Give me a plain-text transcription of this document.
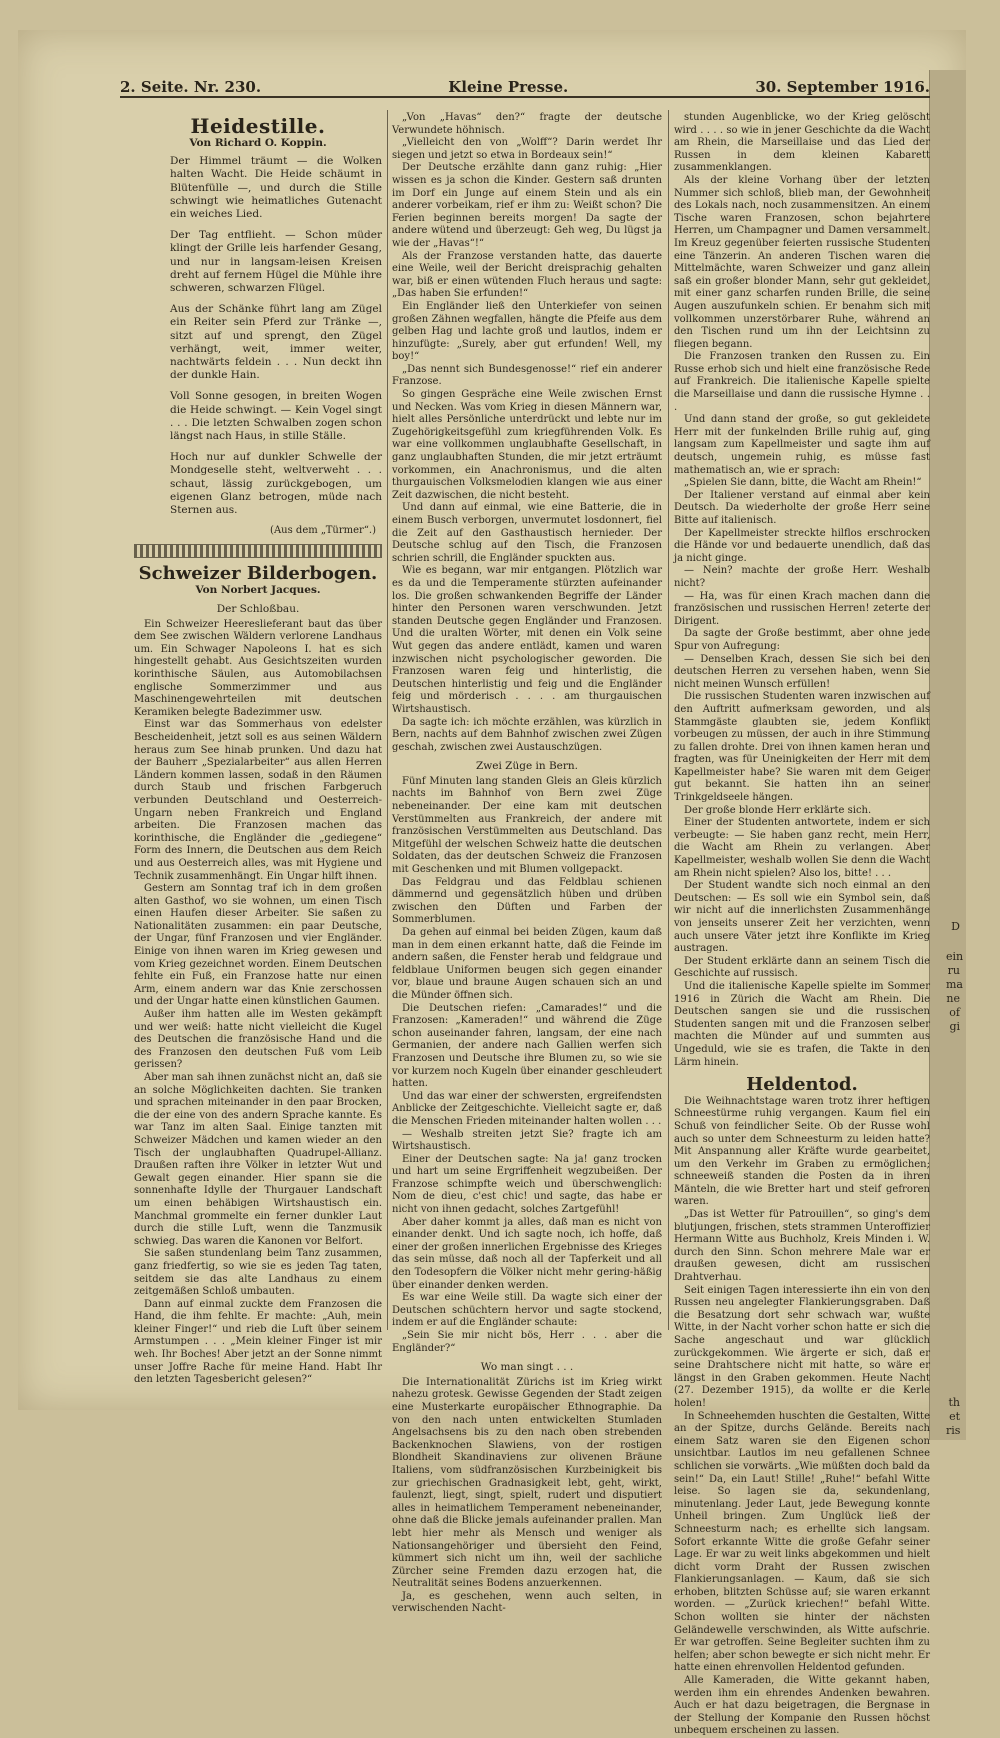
D
ein
ru
ma
ne
of
gi
th
et
ris
2. Seite. Nr. 230.	Kleine Presse.	30. September 1916.
Heidestille.
Von Richard O. Koppin.
Der Himmel träumt — die Wolken halten Wacht. Die Heide schäumt in Blütenfülle —, und durch die Stille schwingt wie heimatliches Gutenacht ein weiches Lied.
Der Tag entflieht. — Schon müder klingt der Grille leis harfender Gesang, und nur in langsam-leisen Kreisen dreht auf fernem Hügel die Mühle ihre schweren, schwarzen Flügel.
Aus der Schänke führt lang am Zügel ein Reiter sein Pferd zur Tränke —, sitzt auf und sprengt, den Zügel verhängt, weit, immer weiter, nachtwärts feldein . . . Nun deckt ihn der dunkle Hain.
Voll Sonne gesogen, in breiten Wogen die Heide schwingt. — Kein Vogel singt . . . Die letzten Schwalben zogen schon längst nach Haus, in stille Ställe.
Hoch nur auf dunkler Schwelle der Mondgeselle steht, weltverweht . . . schaut, lässig zurückgebogen, um eigenen Glanz betrogen, müde nach Sternen aus.
(Aus dem „Türmer“.)
Schweizer Bilderbogen.
Von Norbert Jacques.
Der Schloßbau.

Ein Schweizer Heereslieferant baut das über dem See zwischen Wäldern verlorene Landhaus um. Ein Schwager Napoleons I. hat es sich hingestellt gehabt. Aus Gesichtszeiten wurden korinthische Säulen, aus Automobilachsen englische Sommerzimmer und aus Maschinengewehrteilen mit deutschen Keramiken belegte Badezimmer usw.

Einst war das Sommerhaus von edelster Bescheidenheit, jetzt soll es aus seinen Wäldern heraus zum See hinab prunken. Und dazu hat der Bauherr „Spezialarbeiter“ aus allen Herren Ländern kommen lassen, sodaß in den Räumen durch Staub und frischen Farbgeruch verbunden Deutschland und Oesterreich-Ungarn neben Frankreich und England arbeiten. Die Franzosen machen das korinthische, die Engländer die „gediegene“ Form des Innern, die Deutschen aus dem Reich und aus Oesterreich alles, was mit Hygiene und Technik zusammenhängt. Ein Ungar hilft ihnen.

Gestern am Sonntag traf ich in dem großen alten Gasthof, wo sie wohnen, um einen Tisch einen Haufen dieser Arbeiter. Sie saßen zu Nationalitäten zusammen: ein paar Deutsche, der Ungar, fünf Franzosen und vier Engländer. Einige von ihnen waren im Krieg gewesen und vom Krieg gezeichnet worden. Einem Deutschen fehlte ein Fuß, ein Franzose hatte nur einen Arm, einem andern war das Knie zerschossen und der Ungar hatte einen künstlichen Gaumen.

Außer ihm hatten alle im Westen gekämpft und wer weiß: hatte nicht vielleicht die Kugel des Deutschen die französische Hand und die des Franzosen den deutschen Fuß vom Leib gerissen?

Aber man sah ihnen zunächst nicht an, daß sie an solche Möglichkeiten dachten. Sie tranken und sprachen miteinander in den paar Brocken, die der eine von des andern Sprache kannte. Es war Tanz im alten Saal. Einige tanzten mit Schweizer Mädchen und kamen wieder an den Tisch der unglaubhaften Quadrupel-Allianz. Draußen raften ihre Völker in letzter Wut und Gewalt gegen einander. Hier spann sie die sonnenhafte Idylle der Thurgauer Landschaft um einen behäbigen Wirtshaustisch ein. Manchmal grommelte ein ferner dunkler Laut durch die stille Luft, wenn die Tanzmusik schwieg. Das waren die Kanonen vor Belfort.

Sie saßen stundenlang beim Tanz zusammen, ganz friedfertig, so wie sie es jeden Tag taten, seitdem sie das alte Landhaus zu einem zeitgemäßen Schloß umbauten.

Dann auf einmal zuckte dem Franzosen die Hand, die ihm fehlte. Er machte: „Auh, mein kleiner Finger!“ und rieb die Luft über seinem Armstumpen . . . „Mein kleiner Finger ist mir weh. Ihr Boches! Aber jetzt an der Sonne nimmt unser Joffre Rache für meine Hand. Habt Ihr den letzten Tagesbericht gelesen?“

„Von „Havas“ den?“ fragte der deutsche Verwundete höhnisch.

„Vielleicht den von „Wolff“? Darin werdet Ihr siegen und jetzt so etwa in Bordeaux sein!“

Der Deutsche erzählte dann ganz ruhig: „Hier wissen es ja schon die Kinder. Gestern saß drunten im Dorf ein Junge auf einem Stein und als ein anderer vorbeikam, rief er ihm zu: Weißt schon? Die Ferien beginnen bereits morgen! Da sagte der andere wütend und überzeugt: Geh weg, Du lügst ja wie der „Havas“!“

Als der Franzose verstanden hatte, das dauerte eine Weile, weil der Bericht dreisprachig gehalten war, biß er einen wütenden Fluch heraus und sagte: „Das haben Sie erfunden!“

Ein Engländer ließ den Unterkiefer von seinen großen Zähnen wegfallen, hängte die Pfeife aus dem gelben Hag und lachte groß und lautlos, indem er hinzufügte: „Surely, aber gut erfunden! Well, my boy!“

„Das nennt sich Bundesgenosse!“ rief ein anderer Franzose.

So gingen Gespräche eine Weile zwischen Ernst und Necken. Was vom Krieg in diesen Männern war, hielt alles Persönliche unterdrückt und lebte nur im Zugehörigkeitsgefühl zum kriegführenden Volk. Es war eine vollkommen unglaubhafte Gesellschaft, in ganz unglaubhaften Stunden, die mir jetzt erträumt vorkommen, ein Anachronismus, und die alten thurgauischen Volksmelodien klangen wie aus einer Zeit dazwischen, die nicht besteht.

Und dann auf einmal, wie eine Batterie, die in einem Busch verborgen, unvermutet losdonnert, fiel die Zeit auf den Gasthaustisch hernieder. Der Deutsche schlug auf den Tisch, die Franzosen schrien schrill, die Engländer spuckten aus.

Wie es begann, war mir entgangen. Plötzlich war es da und die Temperamente stürzten aufeinander los. Die großen schwankenden Begriffe der Länder hinter den Personen waren verschwunden. Jetzt standen Deutsche gegen Engländer und Franzosen. Und die uralten Wörter, mit denen ein Volk seine Wut gegen das andere entlädt, kamen und waren inzwischen nicht psychologischer geworden. Die Franzosen waren feig und hinterlistig, die Deutschen hinterlistig und feig und die Engländer feig und mörderisch . . . . am thurgauischen Wirtshaustisch.

Da sagte ich: ich möchte erzählen, was kürzlich in Bern, nachts auf dem Bahnhof zwischen zwei Zügen geschah, zwischen zwei Austauschzügen.

Zwei Züge in Bern.

Fünf Minuten lang standen Gleis an Gleis kürzlich nachts im Bahnhof von Bern zwei Züge nebeneinander. Der eine kam mit deutschen Verstümmelten aus Frankreich, der andere mit französischen Verstümmelten aus Deutschland. Das Mitgefühl der welschen Schweiz hatte die deutschen Soldaten, das der deutschen Schweiz die Franzosen mit Geschenken und mit Blumen vollgepackt.

Das Feldgrau und das Feldblau schienen dämmernd und gegensätzlich hüben und drüben zwischen den Düften und Farben der Sommerblumen.

Da gehen auf einmal bei beiden Zügen, kaum daß man in dem einen erkannt hatte, daß die Feinde im andern saßen, die Fenster herab und feldgraue und feldblaue Uniformen beugen sich gegen einander vor, blaue und braune Augen schauen sich an und die Münder öffnen sich.

Die Deutschen riefen: „Camarades!“ und die Franzosen: „Kameraden!“ und während die Züge schon auseinander fahren, langsam, der eine nach Germanien, der andere nach Gallien werfen sich Franzosen und Deutsche ihre Blumen zu, so wie sie vor kurzem noch Kugeln über einander geschleudert hatten.

Und das war einer der schwersten, ergreifendsten Anblicke der Zeitgeschichte. Vielleicht sagte er, daß die Menschen Frieden miteinander halten wollen . . .

— Weshalb streiten jetzt Sie? fragte ich am Wirtshaustisch.

Einer der Deutschen sagte: Na ja! ganz trocken und hart um seine Ergriffenheit wegzubeißen. Der Franzose schimpfte weich und überschwenglich: Nom de dieu, c'est chic! und sagte, das habe er nicht von ihnen gedacht, solches Zartgefühl!

Aber daher kommt ja alles, daß man es nicht von einander denkt. Und ich sagte noch, ich hoffe, daß einer der großen innerlichen Ergebnisse des Krieges das sein müsse, daß noch all der Tapferkeit und all den Todesopfern die Völker nicht mehr gering-häßig über einander denken werden.

Es war eine Weile still. Da wagte sich einer der Deutschen schüchtern hervor und sagte stockend, indem er auf die Engländer schaute:

„Sein Sie mir nicht bös, Herr . . . aber die Engländer?“

Wo man singt . . .

Die Internationalität Zürichs ist im Krieg wirkt nahezu grotesk. Gewisse Gegenden der Stadt zeigen eine Musterkarte europäischer Ethnographie. Da von den nach unten entwickelten Stumladen Angelsachsens bis zu den nach oben strebenden Backenknochen Slawiens, von der rostigen Blondheit Skandinaviens zur olivenen Bräune Italiens, vom südfranzösischen Kurzbeinigkeit bis zur griechischen Gradnasigkeit lebt, geht, wirkt, faulenzt, liegt, singt, spielt, rudert und disputiert alles in heimatlichem Temperament nebeneinander, ohne daß die Blicke jemals aufeinander prallen. Man lebt hier mehr als Mensch und weniger als Nationsangehöriger und übersieht den Feind, kümmert sich nicht um ihn, weil der sachliche Zürcher seine Fremden dazu erzogen hat, die Neutralität seines Bodens anzuerkennen.

Ja, es geschehen, wenn auch selten, in verwischenden Nacht-

stunden Augenblicke, wo der Krieg gelöscht wird . . . . so wie in jener Geschichte da die Wacht am Rhein, die Marseillaise und das Lied der Russen in dem kleinen Kabarett zusammenklangen.

Als der kleine Vorhang über der letzten Nummer sich schloß, blieb man, der Gewohnheit des Lokals nach, noch zusammensitzen. An einem Tische waren Franzosen, schon bejahrtere Herren, um Champagner und Damen versammelt. Im Kreuz gegenüber feierten russische Studenten eine Tänzerin. An anderen Tischen waren die Mittelmächte, waren Schweizer und ganz allein saß ein großer blonder Mann, sehr gut gekleidet, mit einer ganz scharfen runden Brille, die seine Augen auszufunkeln schien. Er benahm sich mit vollkommen unzerstörbarer Ruhe, während an den Tischen rund um ihn der Leichtsinn zu fliegen begann.

Die Franzosen tranken den Russen zu. Ein Russe erhob sich und hielt eine französische Rede auf Frankreich. Die italienische Kapelle spielte die Marseillaise und dann die russische Hymne . . .

Und dann stand der große, so gut gekleidete Herr mit der funkelnden Brille ruhig auf, ging langsam zum Kapellmeister und sagte ihm auf deutsch, ungemein ruhig, es müsse fast mathematisch an, wie er sprach:

„Spielen Sie dann, bitte, die Wacht am Rhein!“

Der Italiener verstand auf einmal aber kein Deutsch. Da wiederholte der große Herr seine Bitte auf italienisch.

Der Kapellmeister streckte hilflos erschrocken die Hände vor und bedauerte unendlich, daß das ja nicht ginge.

— Nein? machte der große Herr. Weshalb nicht?

— Ha, was für einen Krach machen dann die französischen und russischen Herren! zeterte der Dirigent.

Da sagte der Große bestimmt, aber ohne jede Spur von Aufregung:

— Denselben Krach, dessen Sie sich bei den deutschen Herren zu versehen haben, wenn Sie nicht meinen Wunsch erfüllen!

Die russischen Studenten waren inzwischen auf den Auftritt aufmerksam geworden, und als Stammgäste glaubten sie, jedem Konflikt vorbeugen zu müssen, der auch in ihre Stimmung zu fallen drohte. Drei von ihnen kamen heran und fragten, was für Uneinigkeiten der Herr mit dem Kapellmeister habe? Sie waren mit dem Geiger gut bekannt. Sie hatten ihn an seiner Trinkgeldseele hängen.

Der große blonde Herr erklärte sich.

Einer der Studenten antwortete, indem er sich verbeugte: — Sie haben ganz recht, mein Herr, die Wacht am Rhein zu verlangen. Aber Kapellmeister, weshalb wollen Sie denn die Wacht am Rhein nicht spielen? Also los, bitte! . . .

Der Student wandte sich noch einmal an den Deutschen: — Es soll wie ein Symbol sein, daß wir nicht auf die innerlichsten Zusammenhänge von jenseits unserer Zeit her verzichten, wenn auch unsere Väter jetzt ihre Konflikte im Krieg austragen.

Der Student erklärte dann an seinem Tisch die Geschichte auf russisch.

Und die italienische Kapelle spielte im Sommer 1916 in Zürich die Wacht am Rhein. Die Deutschen sangen sie und die russischen Studenten sangen mit und die Franzosen selber machten die Münder auf und summten aus Ungeduld, wie sie es trafen, die Takte in den Lärm hinein.

Heldentod.

Die Weihnachtstage waren trotz ihrer heftigen Schneestürme ruhig vergangen. Kaum fiel ein Schuß von feindlicher Seite. Ob der Russe wohl auch so unter dem Schneesturm zu leiden hatte? Mit Anspannung aller Kräfte wurde gearbeitet, um den Verkehr im Graben zu ermöglichen; schneeweiß standen die Posten da in ihren Mänteln, die wie Bretter hart und steif gefroren waren.

„Das ist Wetter für Patrouillen“, so ging's dem blutjungen, frischen, stets strammen Unteroffizier Hermann Witte aus Buchholz, Kreis Minden i. W. durch den Sinn. Schon mehrere Male war er draußen gewesen, dicht am russischen Drahtverhau.

Seit einigen Tagen interessierte ihn ein von den Russen neu angelegter Flankierungsgraben. Daß die Besatzung dort sehr schwach war, wußte Witte, in der Nacht vorher schon hatte er sich die Sache angeschaut und war glücklich zurückgekommen. Wie ärgerte er sich, daß er seine Drahtschere nicht mit hatte, so wäre er längst in den Graben gekommen. Heute Nacht (27. Dezember 1915), da wollte er die Kerle holen!

In Schneehemden huschten die Gestalten, Witte an der Spitze, durchs Gelände. Bereits nach einem Satz waren sie den Eigenen schon unsichtbar. Lautlos im neu gefallenen Schnee schlichen sie vorwärts. „Wie müßten doch bald da sein!“ Da, ein Laut! Stille! „Ruhe!“ befahl Witte leise. So lagen sie da, sekundenlang, minutenlang. Jeder Laut, jede Bewegung konnte Unheil bringen. Zum Unglück ließ der Schneesturm nach; es erhellte sich langsam. Sofort erkannte Witte die große Gefahr seiner Lage. Er war zu weit links abgekommen und hielt dicht vorm Draht der Russen zwischen Flankierungsanlagen. — Kaum, daß sie sich erhoben, blitzten Schüsse auf; sie waren erkannt worden. — „Zurück kriechen!“ befahl Witte. Schon wollten sie hinter der nächsten Geländewelle verschwinden, als Witte aufschrie. Er war getroffen. Seine Begleiter suchten ihm zu helfen; aber schon bewegte er sich nicht mehr. Er hatte einen ehrenvollen Heldentod gefunden.

Alle Kameraden, die Witte gekannt haben, werden ihm ein ehrendes Andenken bewahren. Auch er hat dazu beigetragen, die Bergnase in der Stellung der Kompanie den Russen höchst unbequem erscheinen zu lassen.
